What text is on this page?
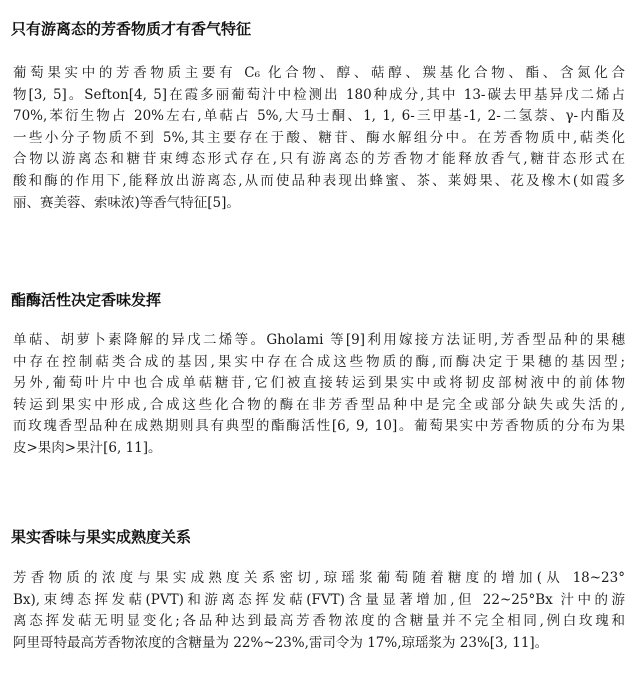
只有游离态的芳香物质才有香气特征
葡萄果实中的芳香物质主要有 C₆ 化合物、醇、萜醇、羰基化合物、酯、含氮化合
物[3, 5]。Sefton[4, 5]在霞多丽葡萄汁中检测出 180种成分,其中 13-碳去甲基异戊二烯占
70%,苯衍生物占 20%左右,单萜占 5%,大马士酮、1, 1, 6-三甲基-1, 2-二氢萘、γ-内酯及
一些小分子物质不到 5%,其主要存在于酸、糖苷、酶水解组分中。在芳香物质中,萜类化
合物以游离态和糖苷束缚态形式存在,只有游离态的芳香物才能释放香气,糖苷态形式在
酸和酶的作用下,能释放出游离态,从而使品种表现出蜂蜜、茶、莱姆果、花及橡木(如霞多
丽、赛美蓉、索味浓)等香气特征[5]。
酯酶活性决定香味发挥
单萜、胡萝卜素降解的异戊二烯等。Gholami 等[9]利用嫁接方法证明,芳香型品种的果穗
中存在控制萜类合成的基因,果实中存在合成这些物质的酶,而酶决定于果穗的基因型;
另外,葡萄叶片中也合成单萜糖苷,它们被直接转运到果实中或将韧皮部树液中的前体物
转运到果实中形成,合成这些化合物的酶在非芳香型品种中是完全或部分缺失或失活的,
而玫瑰香型品种在成熟期则具有典型的酯酶活性[6, 9, 10]。葡萄果实中芳香物质的分布为果
皮>果肉>果汁[6, 11]。
果实香味与果实成熟度关系
芳香物质的浓度与果实成熟度关系密切,琼瑶浆葡萄随着糖度的增加(从 18~23°
Bx),束缚态挥发萜(PVT)和游离态挥发萜(FVT)含量显著增加,但 22~25°Bx 汁中的游
离态挥发萜无明显变化;各品种达到最高芳香物浓度的含糖量并不完全相同,例白玫瑰和
阿里哥特最高芳香物浓度的含糖量为 22%~23%,雷司令为 17%,琼瑶浆为 23%[3, 11]。
